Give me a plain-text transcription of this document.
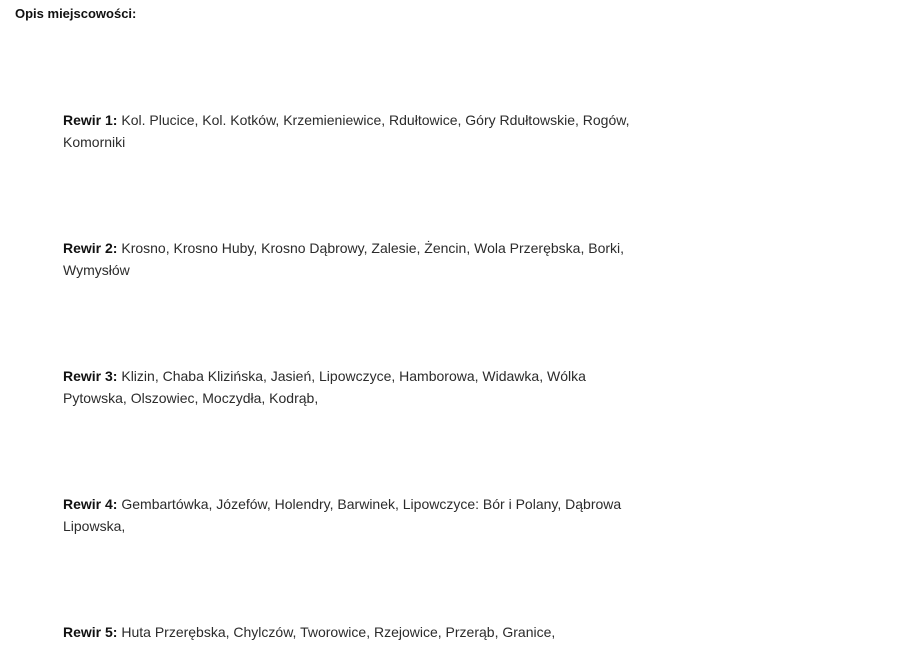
Opis miejscowości:

Rewir 1: Kol. Plucice, Kol. Kotków, Krzemieniewice, Rdułtowice, Góry Rdułtowskie, Rogów, Komorniki

Rewir 2: Krosno, Krosno Huby, Krosno Dąbrowy, Zalesie, Żencin, Wola Przerębska, Borki, Wymysłów

Rewir 3: Klizin, Chaba Klizińska, Jasień, Lipowczyce, Hamborowa, Widawka, Wólka Pytowska, Olszowiec, Moczydła, Kodrąb,

Rewir 4: Gembartówka, Józefów, Holendry, Barwinek, Lipowczyce: Bór i Polany, Dąbrowa Lipowska,

Rewir 5: Huta Przerębska, Chylczów, Tworowice, Rzejowice, Przerąb, Granice,
